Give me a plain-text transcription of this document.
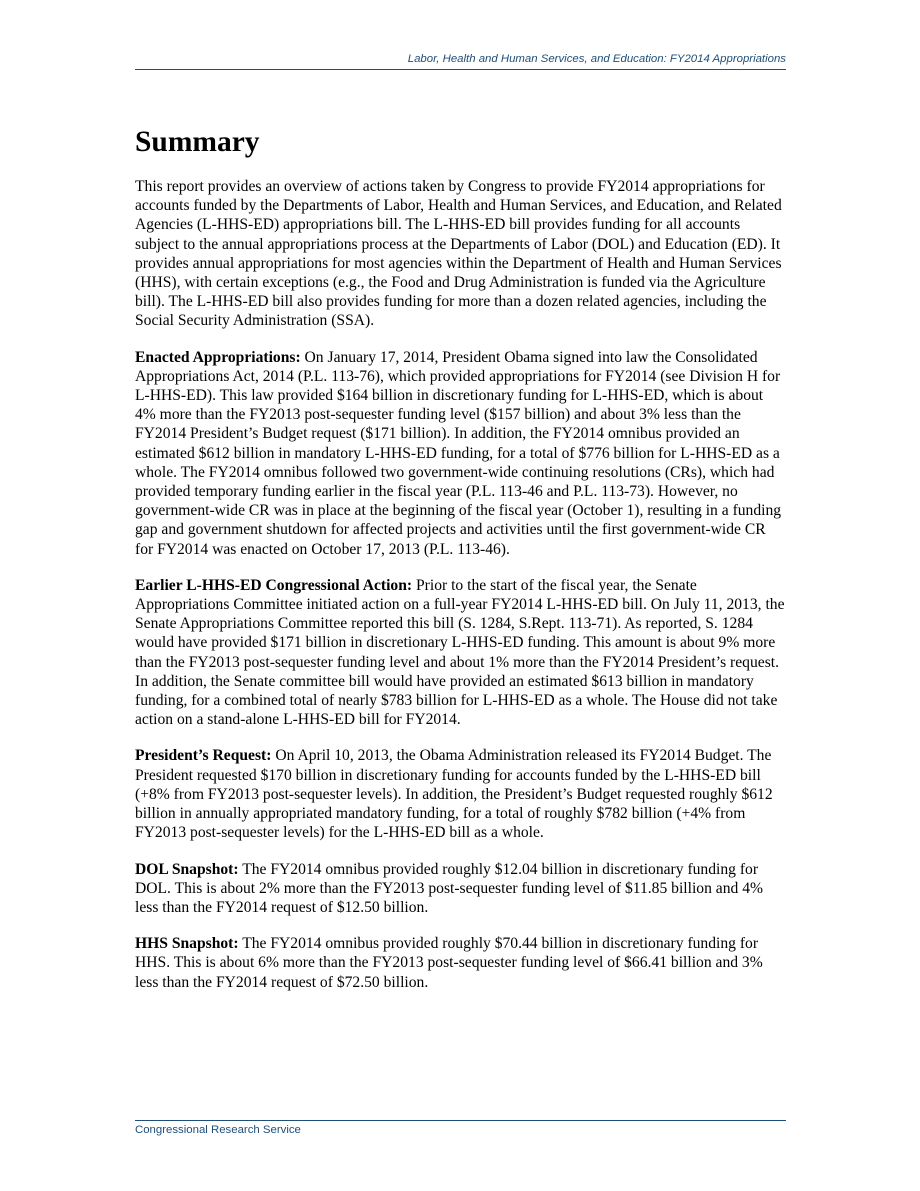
Labor, Health and Human Services, and Education: FY2014 Appropriations
Summary

This report provides an overview of actions taken by Congress to provide FY2014 appropriations for accounts funded by the Departments of Labor, Health and Human Services, and Education, and Related Agencies (L-HHS-ED) appropriations bill. The L-HHS-ED bill provides funding for all accounts subject to the annual appropriations process at the Departments of Labor (DOL) and Education (ED). It provides annual appropriations for most agencies within the Department of Health and Human Services (HHS), with certain exceptions (e.g., the Food and Drug Administration is funded via the Agriculture bill). The L-HHS-ED bill also provides funding for more than a dozen related agencies, including the Social Security Administration (SSA).

Enacted Appropriations: On January 17, 2014, President Obama signed into law the Consolidated Appropriations Act, 2014 (P.L. 113-76), which provided appropriations for FY2014 (see Division H for L-HHS-ED). This law provided $164 billion in discretionary funding for L-HHS-ED, which is about 4% more than the FY2013 post-sequester funding level ($157 billion) and about 3% less than the FY2014 President’s Budget request ($171 billion). In addition, the FY2014 omnibus provided an estimated $612 billion in mandatory L-HHS-ED funding, for a total of $776 billion for L-HHS-ED as a whole. The FY2014 omnibus followed two government-wide continuing resolutions (CRs), which had provided temporary funding earlier in the fiscal year (P.L. 113-46 and P.L. 113-73). However, no government-wide CR was in place at the beginning of the fiscal year (October 1), resulting in a funding gap and government shutdown for affected projects and activities until the first government-wide CR for FY2014 was enacted on October 17, 2013 (P.L. 113-46).

Earlier L-HHS-ED Congressional Action: Prior to the start of the fiscal year, the Senate Appropriations Committee initiated action on a full-year FY2014 L-HHS-ED bill. On July 11, 2013, the Senate Appropriations Committee reported this bill (S. 1284, S.Rept. 113-71). As reported, S. 1284 would have provided $171 billion in discretionary L-HHS-ED funding. This amount is about 9% more than the FY2013 post-sequester funding level and about 1% more than the FY2014 President’s request. In addition, the Senate committee bill would have provided an estimated $613 billion in mandatory funding, for a combined total of nearly $783 billion for L-HHS-ED as a whole. The House did not take action on a stand-alone L-HHS-ED bill for FY2014.

President’s Request: On April 10, 2013, the Obama Administration released its FY2014 Budget. The President requested $170 billion in discretionary funding for accounts funded by the L-HHS-ED bill (+8% from FY2013 post-sequester levels). In addition, the President’s Budget requested roughly $612 billion in annually appropriated mandatory funding, for a total of roughly $782 billion (+4% from FY2013 post-sequester levels) for the L-HHS-ED bill as a whole.

DOL Snapshot: The FY2014 omnibus provided roughly $12.04 billion in discretionary funding for DOL. This is about 2% more than the FY2013 post-sequester funding level of $11.85 billion and 4% less than the FY2014 request of $12.50 billion.

HHS Snapshot: The FY2014 omnibus provided roughly $70.44 billion in discretionary funding for HHS. This is about 6% more than the FY2013 post-sequester funding level of $66.41 billion and 3% less than the FY2014 request of $72.50 billion.

Congressional Research Service
